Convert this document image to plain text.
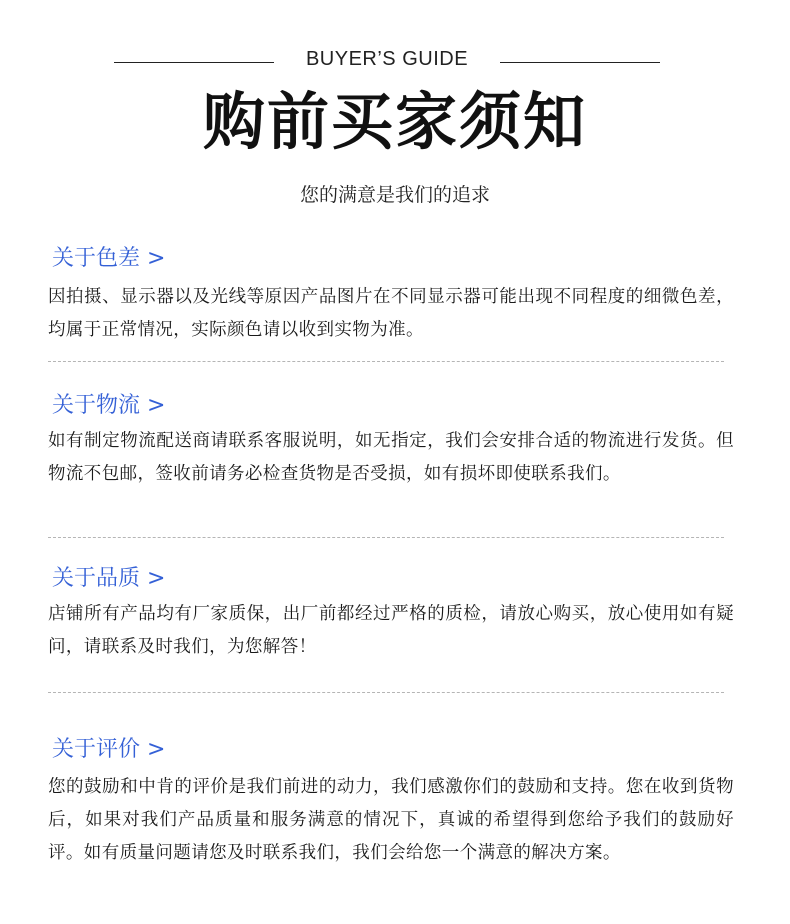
BUYER’S GUIDE
购前买家须知
您的满意是我们的追求
关于色差 >
因拍摄、显示器以及光线等原因产品图片在不同显示器可能出现不同程度的细微色差，均属于正常情况，实际颜色请以收到实物为准。
关于物流 >
如有制定物流配送商请联系客服说明，如无指定，我们会安排合适的物流进行发货。但物流不包邮，签收前请务必检查货物是否受损，如有损坏即使联系我们。
关于品质 >
店铺所有产品均有厂家质保，出厂前都经过严格的质检，请放心购买，放心使用如有疑问，请联系及时我们，为您解答！
关于评价 >
您的鼓励和中肯的评价是我们前进的动力，我们感激你们的鼓励和支持。您在收到货物后，如果对我们产品质量和服务满意的情况下，真诚的希望得到您给予我们的鼓励好评。如有质量问题请您及时联系我们，我们会给您一个满意的解决方案。
